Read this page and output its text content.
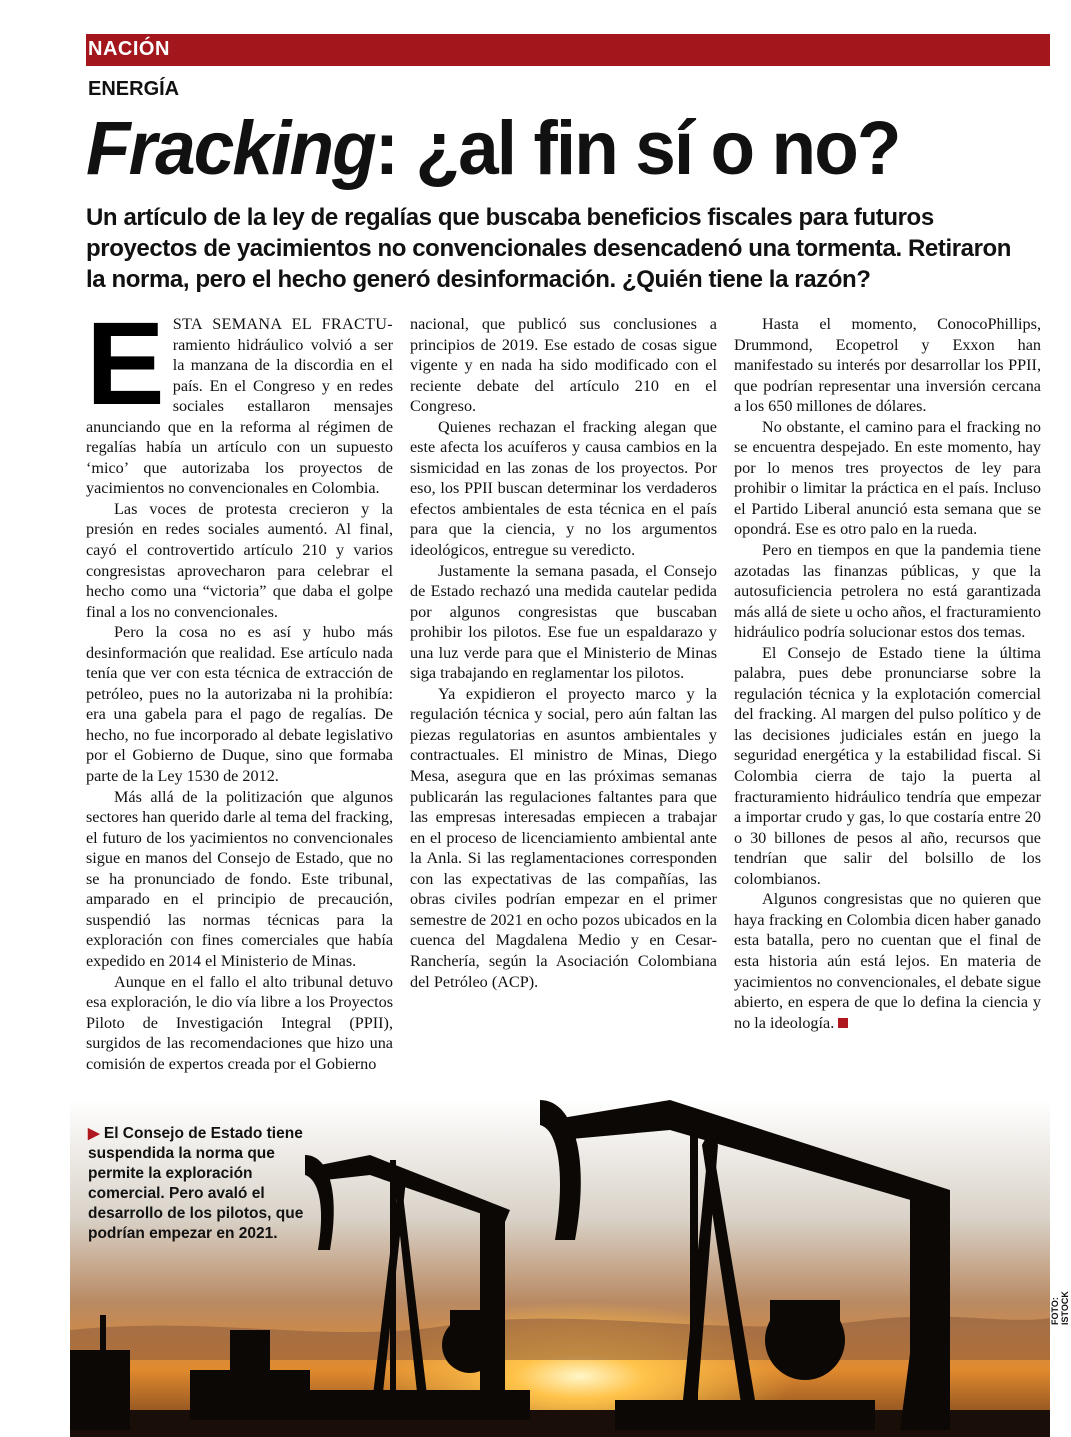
NACIÓN
ENERGÍA
Fracking: ¿al fin sí o no?
Un artículo de la ley de regalías que buscaba beneficios fiscales para futuros proyectos de yacimientos no convencionales desencadenó una tormenta. Retiraron la norma, pero el hecho generó desinformación. ¿Quién tiene la razón?

ESTA SEMANA EL FRACTU- ramiento hidráulico volvió a ser la manzana de la discordia en el país. En el Congreso y en redes sociales estallaron mensajes anunciando que en la reforma al régimen de regalías había un artículo con un supuesto ‘mico’ que autorizaba los proyectos de yacimientos no convencionales en Colombia.

Las voces de protesta crecieron y la presión en redes sociales aumentó. Al final, cayó el controvertido artículo 210 y varios congresistas aprovecharon para celebrar el hecho como una “victoria” que daba el golpe final a los no convencionales.

Pero la cosa no es así y hubo más desinformación que realidad. Ese artículo nada tenía que ver con esta técnica de extracción de petróleo, pues no la autorizaba ni la prohibía: era una gabela para el pago de regalías. De hecho, no fue incorporado al debate legislativo por el Gobierno de Duque, sino que formaba parte de la Ley 1530 de 2012.

Más allá de la politización que algunos sectores han querido darle al tema del fracking, el futuro de los yacimientos no convencionales sigue en manos del Consejo de Estado, que no se ha pronunciado de fondo. Este tribunal, amparado en el principio de precaución, suspendió las normas técnicas para la exploración con fines comerciales que había expedido en 2014 el Ministerio de Minas.

Aunque en el fallo el alto tribunal detuvo esa exploración, le dio vía libre a los Proyectos Piloto de Investigación Integral (PPII), surgidos de las recomendaciones que hizo una comisión de expertos creada por el Gobierno

nacional, que publicó sus conclusiones a principios de 2019. Ese estado de cosas sigue vigente y en nada ha sido modificado con el reciente debate del artículo 210 en el Congreso.

Quienes rechazan el fracking alegan que este afecta los acuíferos y causa cambios en la sismicidad en las zonas de los proyectos. Por eso, los PPII buscan determinar los verdaderos efectos ambientales de esta técnica en el país para que la ciencia, y no los argumentos ideológicos, entregue su veredicto.

Justamente la semana pasada, el Consejo de Estado rechazó una medida cautelar pedida por algunos congresistas que buscaban prohibir los pilotos. Ese fue un espaldarazo y una luz verde para que el Ministerio de Minas siga trabajando en reglamentar los pilotos.

Ya expidieron el proyecto marco y la regulación técnica y social, pero aún faltan las piezas regulatorias en asuntos ambientales y contractuales. El ministro de Minas, Diego Mesa, asegura que en las próximas semanas publicarán las regulaciones faltantes para que las empresas interesadas empiecen a trabajar en el proceso de licenciamiento ambiental ante la Anla. Si las reglamentaciones corresponden con las expectativas de las compañías, las obras civiles podrían empezar en el primer semestre de 2021 en ocho pozos ubicados en la cuenca del Magdalena Medio y en Cesar-Ranchería, según la Asociación Colombiana del Petróleo (ACP).

Hasta el momento, ConocoPhillips, Drummond, Ecopetrol y Exxon han manifestado su interés por desarrollar los PPII, que podrían representar una inversión cercana a los 650 millones de dólares.

No obstante, el camino para el fracking no se encuentra despejado. En este momento, hay por lo menos tres proyectos de ley para prohibir o limitar la práctica en el país. Incluso el Partido Liberal anunció esta semana que se opondrá. Ese es otro palo en la rueda.

Pero en tiempos en que la pandemia tiene azotadas las finanzas públicas, y que la autosuficiencia petrolera no está garantizada más allá de siete u ocho años, el fracturamiento hidráulico podría solucionar estos dos temas.

El Consejo de Estado tiene la última palabra, pues debe pronunciarse sobre la regulación técnica y la explotación comercial del fracking. Al margen del pulso político y de las decisiones judiciales están en juego la seguridad energética y la estabilidad fiscal. Si Colombia cierra de tajo la puerta al fracturamiento hidráulico tendría que empezar a importar crudo y gas, lo que costaría entre 20 o 30 billones de pesos al año, recursos que tendrían que salir del bolsillo de los colombianos.

Algunos congresistas que no quieren que haya fracking en Colombia dicen haber ganado esta batalla, pero no cuentan que el final de esta historia aún está lejos. En materia de yacimientos no convencionales, el debate sigue abierto, en espera de que lo defina la ciencia y no la ideología.

▶ El Consejo de Estado tiene suspendida la norma que permite la exploración comercial. Pero avaló el desarrollo de los pilotos, que podrían empezar en 2021.
FOTO: ISTOCK
